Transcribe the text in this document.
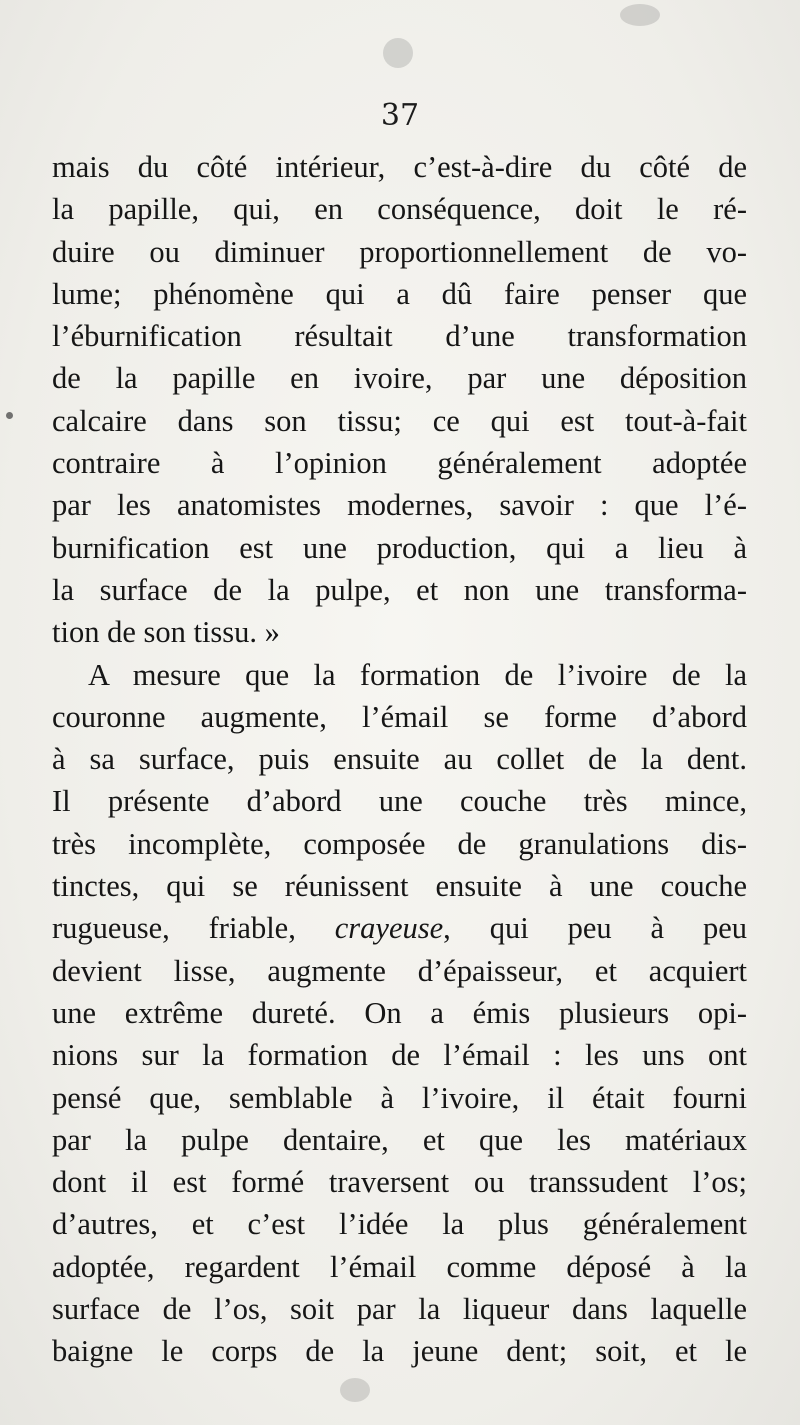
37
mais du côté intérieur, c’est-à-dire du côté de
la papille, qui, en conséquence, doit le ré-
duire ou diminuer proportionnellement de vo-
lume; phénomène qui a dû faire penser que
l’éburnification résultait d’une transformation
de la papille en ivoire, par une déposition
calcaire dans son tissu; ce qui est tout-à-fait
contraire à l’opinion généralement adoptée
par les anatomistes modernes, savoir : que l’é-
burnification est une production, qui a lieu à
la surface de la pulpe, et non une transforma-
tion de son tissu. »
A mesure que la formation de l’ivoire de la
couronne augmente, l’émail se forme d’abord
à sa surface, puis ensuite au collet de la dent.
Il présente d’abord une couche très mince,
très incomplète, composée de granulations dis-
tinctes, qui se réunissent ensuite à une couche
rugueuse, friable, crayeuse, qui peu à peu
devient lisse, augmente d’épaisseur, et acquiert
une extrême dureté. On a émis plusieurs opi-
nions sur la formation de l’émail : les uns ont
pensé que, semblable à l’ivoire, il était fourni
par la pulpe dentaire, et que les matériaux
dont il est formé traversent ou transsudent l’os;
d’autres, et c’est l’idée la plus généralement
adoptée, regardent l’émail comme déposé à la
surface de l’os, soit par la liqueur dans laquelle
baigne le corps de la jeune dent; soit, et le
